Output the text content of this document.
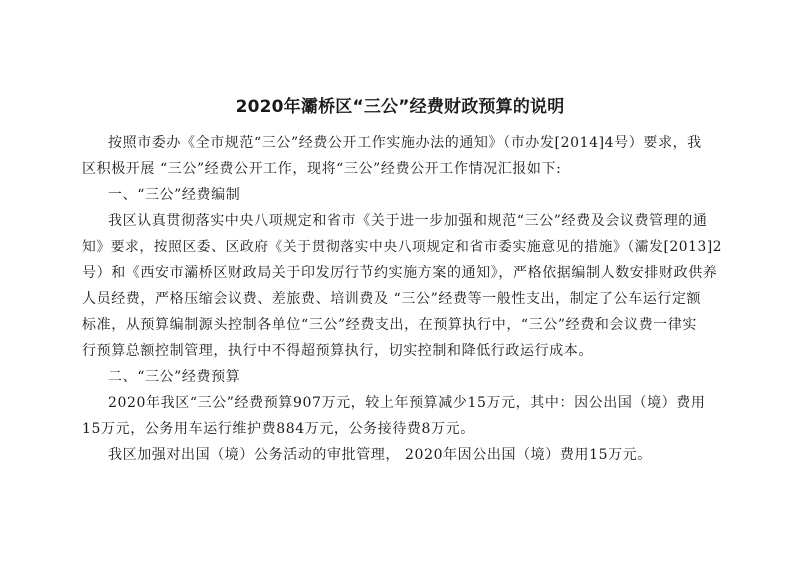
2020年灞桥区“三公”经费财政预算的说明
按照市委办《全市规范“三公”经费公开工作实施办法的通知》（市办发[2014]4号）要求，我
区积极开展 “三公”经费公开工作，现将“三公”经费公开工作情况汇报如下:
一、“三公”经费编制
我区认真贯彻落实中央八项规定和省市《关于进一步加强和规范“三公”经费及会议费管理的通
知》要求，按照区委、区政府《关于贯彻落实中央八项规定和省市委实施意见的措施》（灞发[2013]2
号）和《西安市灞桥区财政局关于印发厉行节约实施方案的通知》，严格依据编制人数安排财政供养
人员经费，严格压缩会议费、差旅费、培训费及 “三公”经费等一般性支出，制定了公车运行定额
标准，从预算编制源头控制各单位“三公”经费支出，在预算执行中，“三公”经费和会议费一律实
行预算总额控制管理，执行中不得超预算执行，切实控制和降低行政运行成本。
二、“三公”经费预算
2020年我区“三公”经费预算907万元，较上年预算减少15万元，其中：因公出国（境）费用
15万元，公务用车运行维护费884万元，公务接待费8万元。
我区加强对出国（境）公务活动的审批管理， 2020年因公出国（境）费用15万元。
